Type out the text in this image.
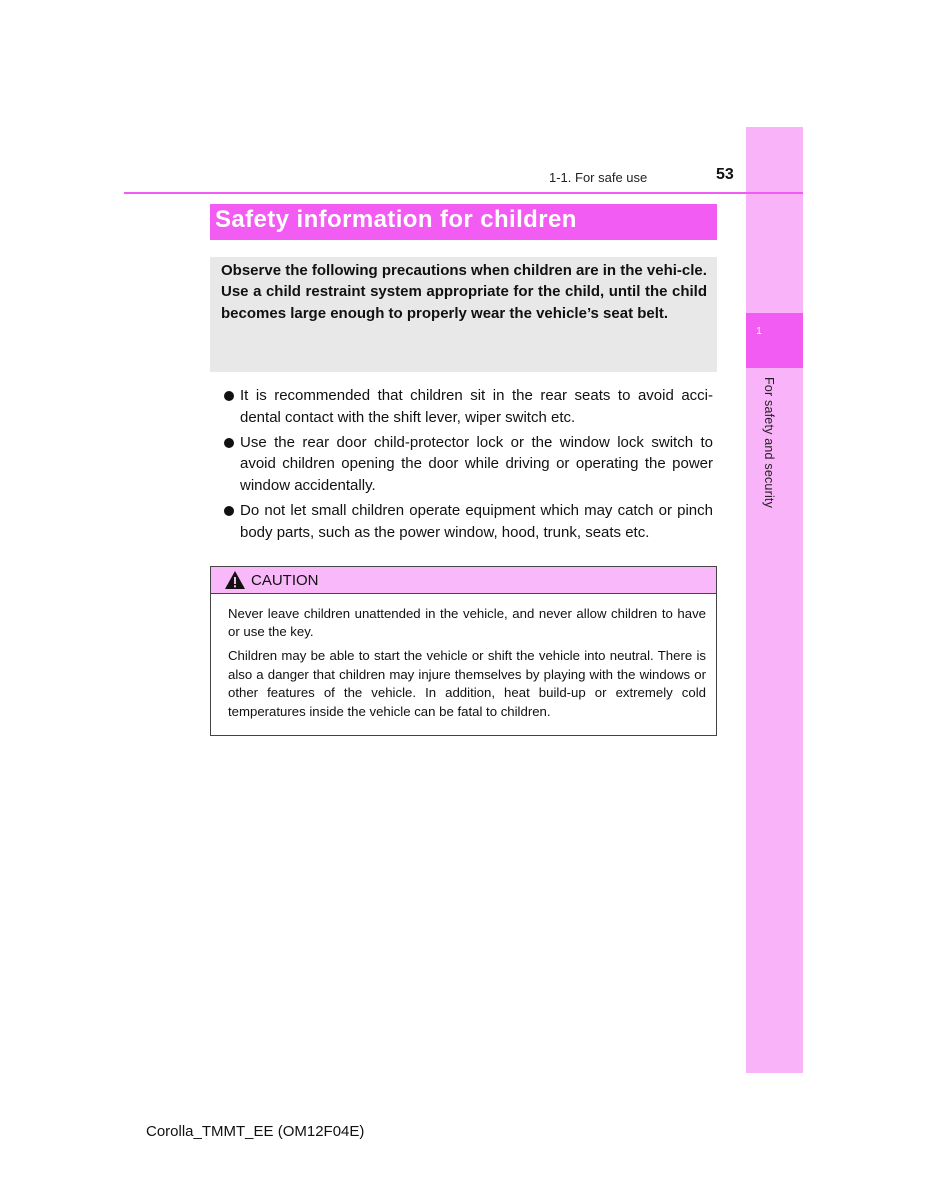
1
For safety and security
1-1. For safe use	53
Safety information for children

Observe the following precautions when children are in the vehi-cle.

Use a child restraint system appropriate for the child, until the child becomes large enough to properly wear the vehicle’s seat belt.

It is recommended that children sit in the rear seats to avoid acci-dental contact with the shift lever, wiper switch etc.
Use the rear door child-protector lock or the window lock switch to avoid children opening the door while driving or operating the power window accidentally.
Do not let small children operate equipment which may catch or pinch body parts, such as the power window, hood, trunk, seats etc.
CAUTION

Never leave children unattended in the vehicle, and never allow children to have or use the key.

Children may be able to start the vehicle or shift the vehicle into neutral. There is also a danger that children may injure themselves by playing with the windows or other features of the vehicle. In addition, heat build-up or extremely cold temperatures inside the vehicle can be fatal to children.

Corolla_TMMT_EE (OM12F04E)
